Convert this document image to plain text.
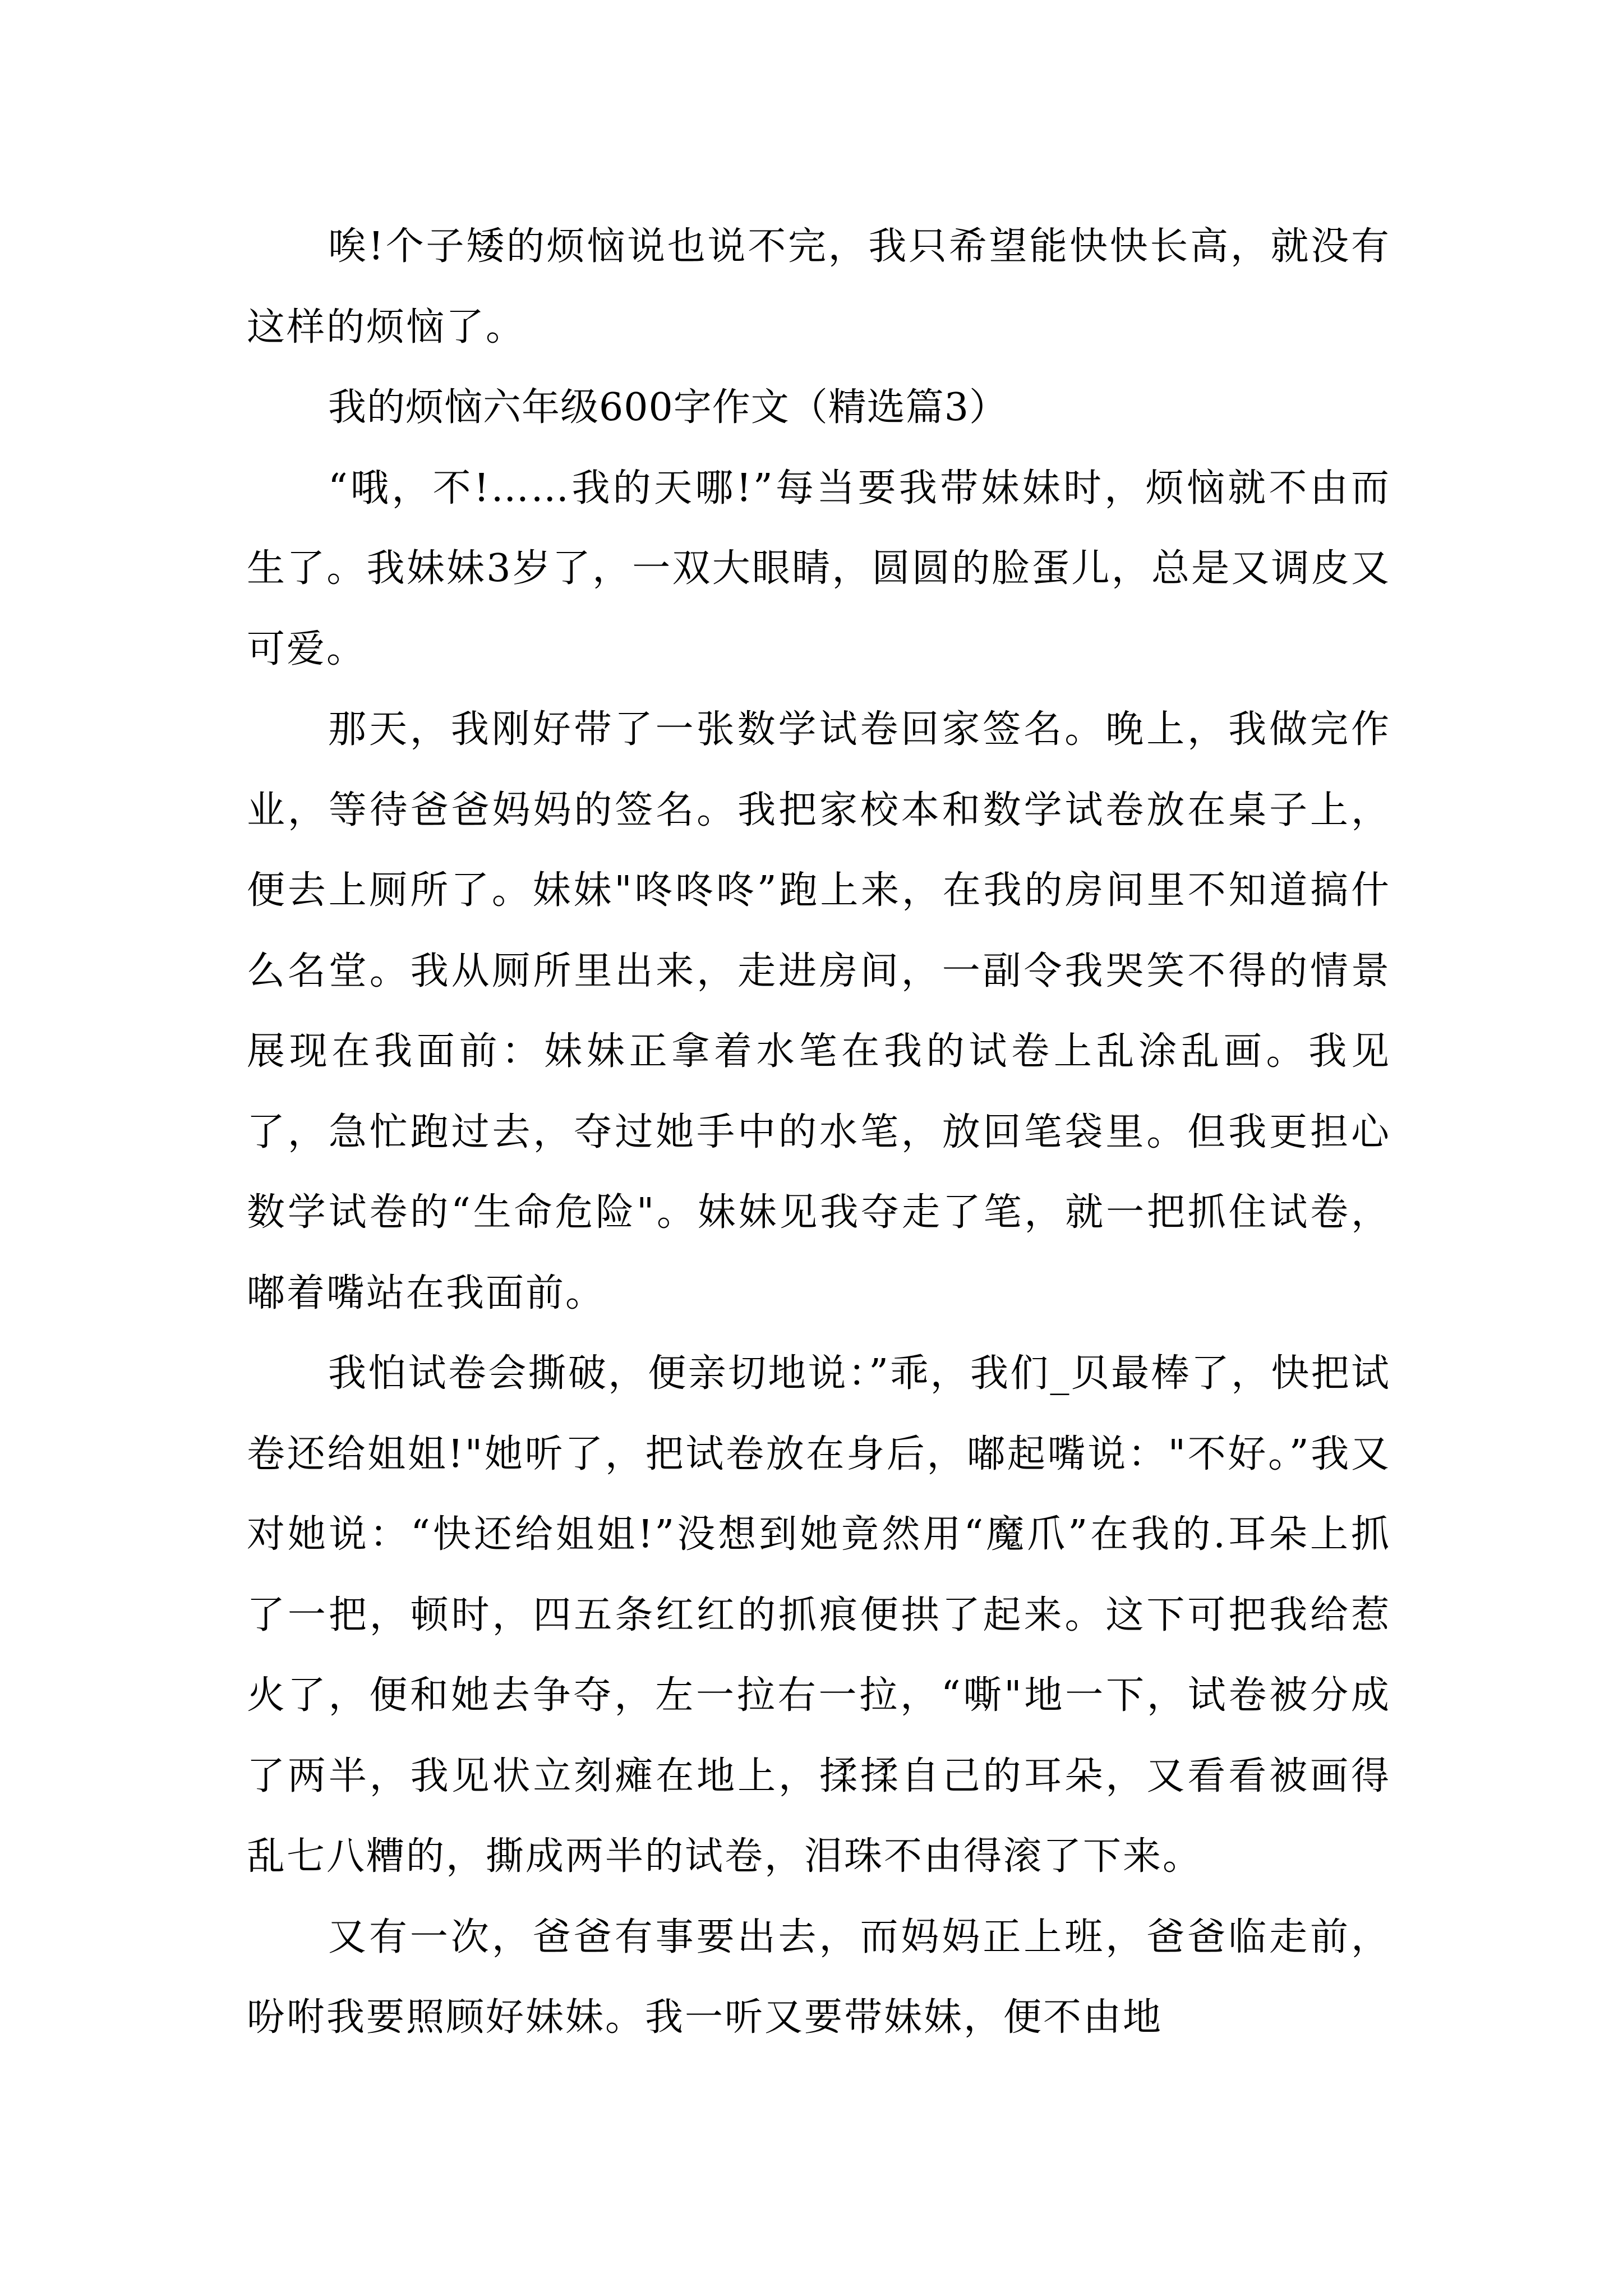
唉!个子矮的烦恼说也说不完，我只希望能快快长高，就没有这样的烦恼了。

我的烦恼六年级600字作文（精选篇3）

“哦，不!……我的天哪!”每当要我带妹妹时，烦恼就不由而生了。我妹妹3岁了，一双大眼睛，圆圆的脸蛋儿，总是又调皮又可爱。

那天，我刚好带了一张数学试卷回家签名。晚上，我做完作业，等待爸爸妈妈的签名。我把家校本和数学试卷放在桌子上，便去上厕所了。妹妹"咚咚咚”跑上来，在我的房间里不知道搞什么名堂。我从厕所里出来，走进房间，一副令我哭笑不得的情景展现在我面前：妹妹正拿着水笔在我的试卷上乱涂乱画。我见了，急忙跑过去，夺过她手中的水笔，放回笔袋里。但我更担心数学试卷的“生命危险"。妹妹见我夺走了笔，就一把抓住试卷，嘟着嘴站在我面前。

我怕试卷会撕破，便亲切地说：”乖，我们_贝最棒了，快把试卷还给姐姐!"她听了，把试卷放在身后，嘟起嘴说："不好。”我又对她说：“快还给姐姐!”没想到她竟然用“魔爪”在我的.耳朵上抓了一把，顿时，四五条红红的抓痕便拱了起来。这下可把我给惹火了，便和她去争夺，左一拉右一拉，“嘶"地一下，试卷被分成了两半，我见状立刻瘫在地上，揉揉自己的耳朵，又看看被画得乱七八糟的，撕成两半的试卷，泪珠不由得滚了下来。

又有一次，爸爸有事要出去，而妈妈正上班，爸爸临走前，吩咐我要照顾好妹妹。我一听又要带妹妹，便不由地
